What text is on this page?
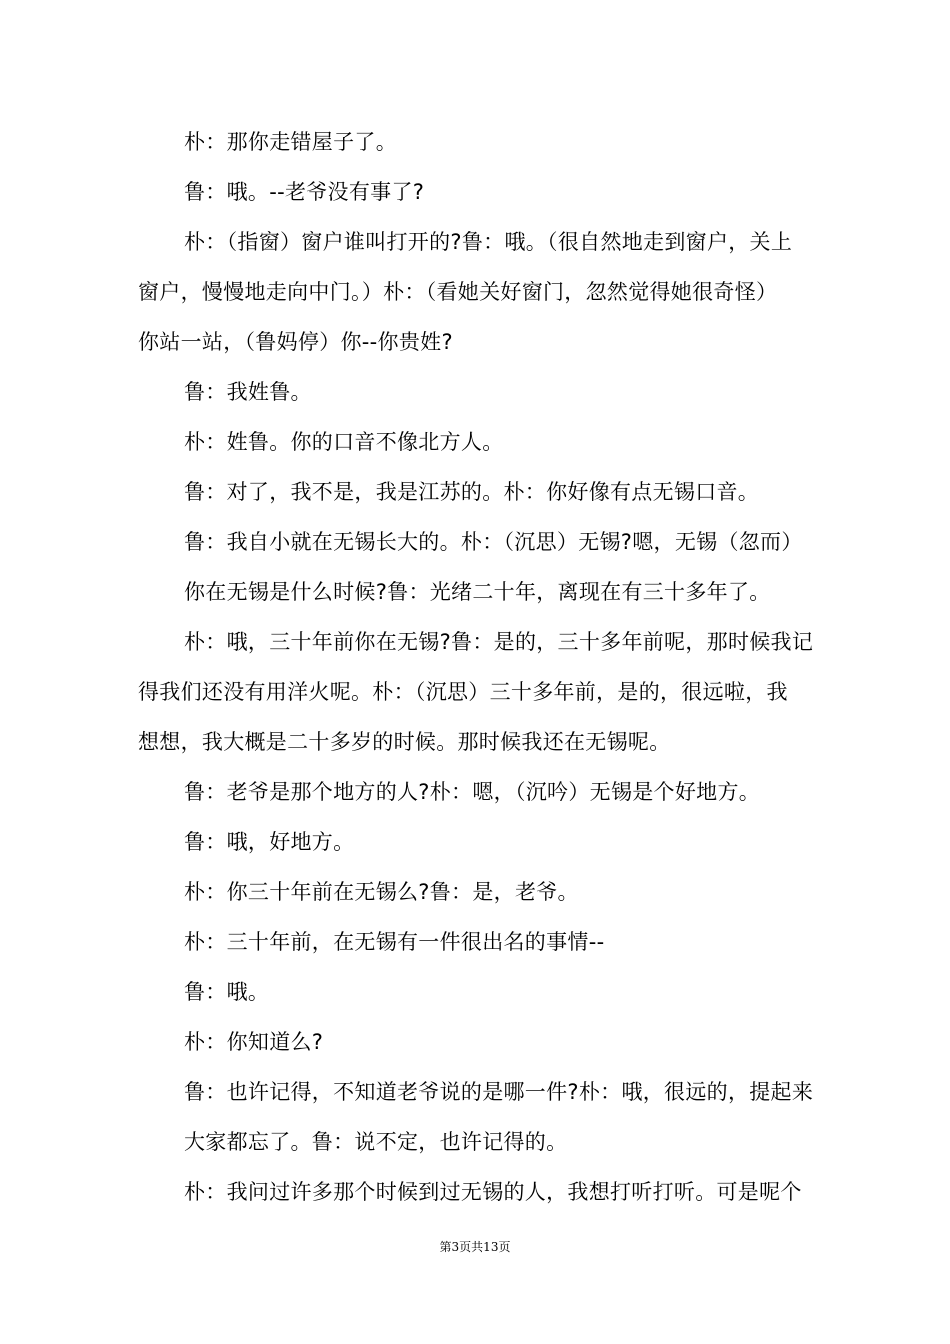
朴：那你走错屋子了。
鲁：哦。--老爷没有事了?
朴：（指窗）窗户谁叫打开的?鲁：哦。（很自然地走到窗户，关上
窗户，慢慢地走向中门。）朴：（看她关好窗门，忽然觉得她很奇怪）
你站一站，（鲁妈停）你--你贵姓?
鲁：我姓鲁。
朴：姓鲁。你的口音不像北方人。
鲁：对了，我不是，我是江苏的。朴：你好像有点无锡口音。
鲁：我自小就在无锡长大的。朴：（沉思）无锡?嗯，无锡（忽而）
你在无锡是什么时候?鲁：光绪二十年，离现在有三十多年了。
朴：哦，三十年前你在无锡?鲁：是的，三十多年前呢，那时候我记
得我们还没有用洋火呢。朴：（沉思）三十多年前，是的，很远啦，我
想想，我大概是二十多岁的时候。那时候我还在无锡呢。
鲁：老爷是那个地方的人?朴：嗯，（沉吟）无锡是个好地方。
鲁：哦，好地方。
朴：你三十年前在无锡么?鲁：是，老爷。
朴：三十年前，在无锡有一件很出名的事情--
鲁：哦。
朴：你知道么?
鲁：也许记得，不知道老爷说的是哪一件?朴：哦，很远的，提起来
大家都忘了。鲁：说不定，也许记得的。
朴：我问过许多那个时候到过无锡的人，我想打听打听。可是呢个
第3页共13页
